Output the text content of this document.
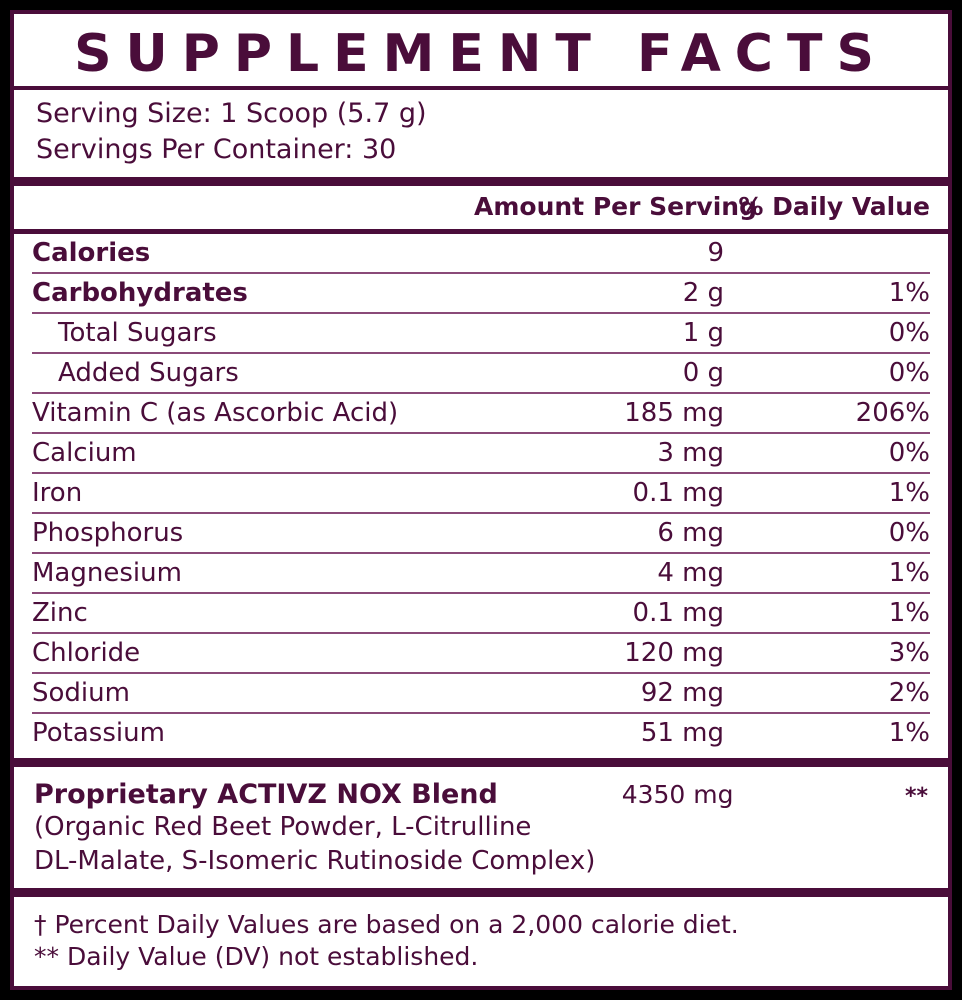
SUPPLEMENT FACTS
Serving Size: 1 Scoop (5.7 g)
Servings Per Container: 30
Amount Per Serving
% Daily Value
Calories	9
Carbohydrates	2 g	1%
Total Sugars	1 g	0%
Added Sugars	0 g	0%
Vitamin C (as Ascorbic Acid)	185 mg	206%
Calcium	3 mg	0%
Iron	0.1 mg	1%
Phosphorus	6 mg	0%
Magnesium	4 mg	1%
Zinc	0.1 mg	1%
Chloride	120 mg	3%
Sodium	92 mg	2%
Potassium	51 mg	1%
Proprietary ACTIVZ NOX Blend	4350 mg	**
(Organic Red Beet Powder, L-Citrulline
DL-Malate, S-Isomeric Rutinoside Complex)
† Percent Daily Values are based on a 2,000 calorie diet.
** Daily Value (DV) not established.
